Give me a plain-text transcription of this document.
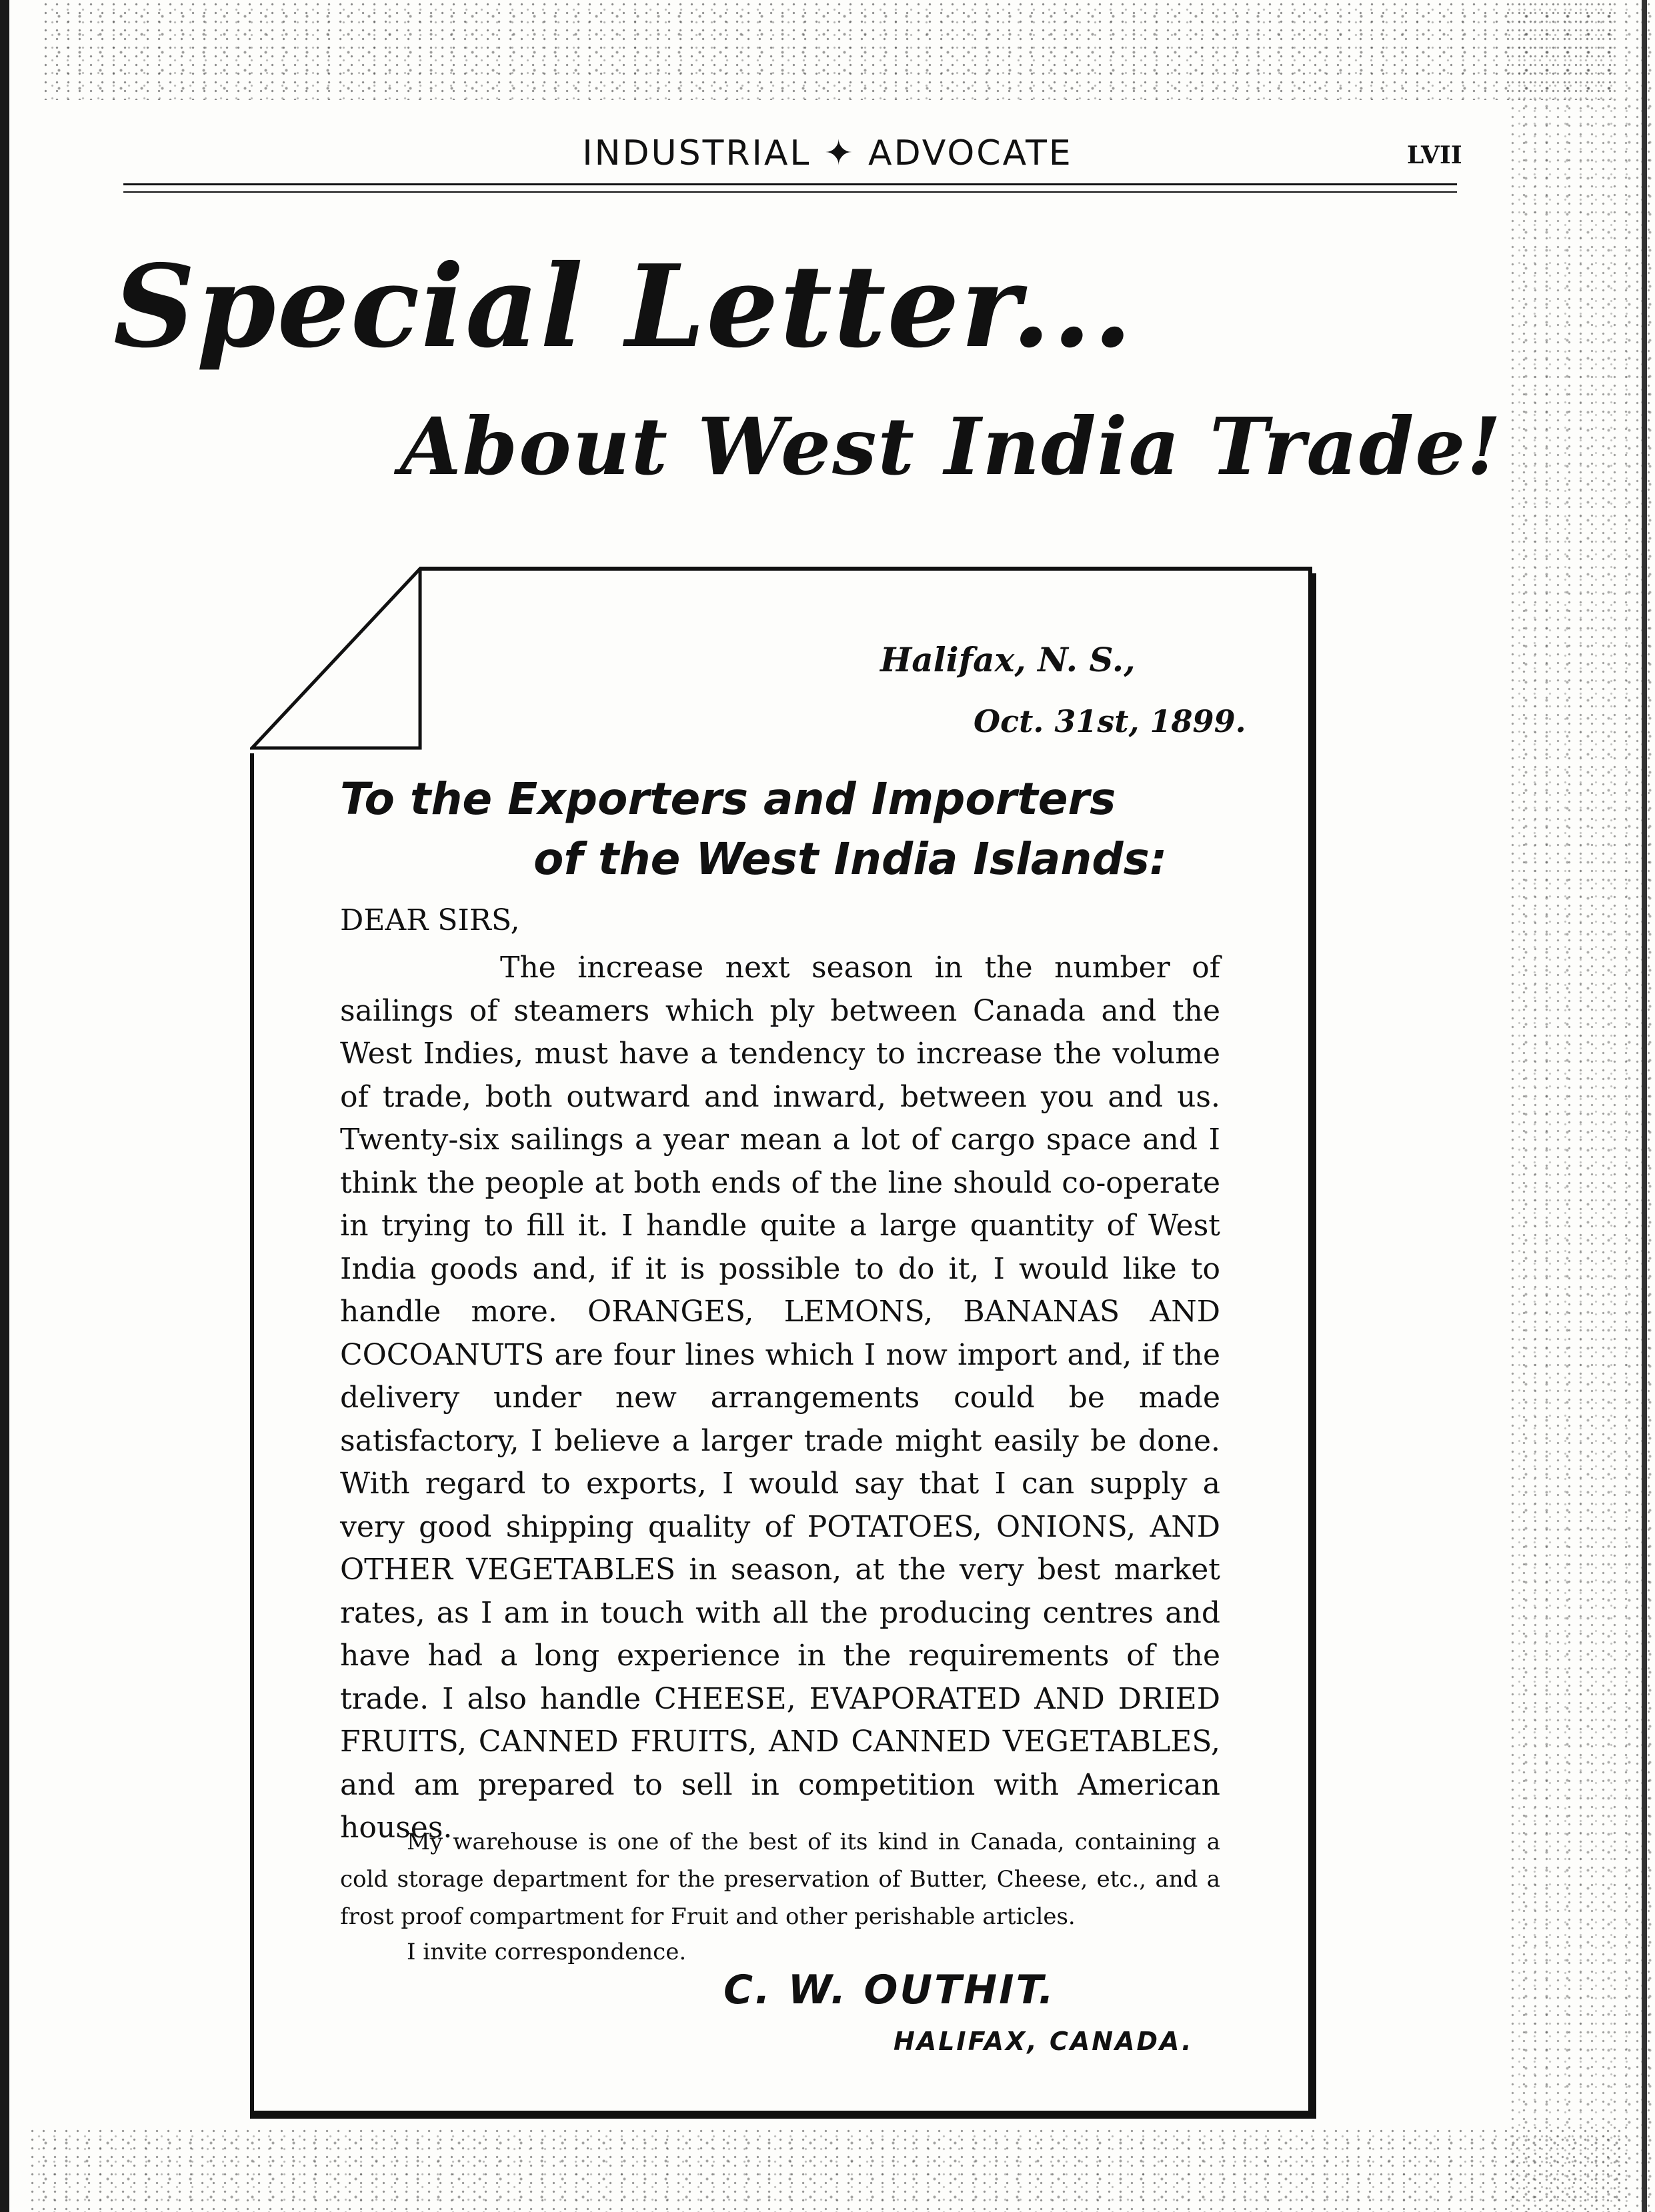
INDUSTRIAL ✦ ADVOCATE	LVII
Special Letter...
About West India Trade!
Halifax, N. S.,
Oct. 31st, 1899.
To the Exporters and Importers
of the West India Islands:
DEAR SIRS,
The increase next season in the number of sailings of steamers which ply between Canada and the West Indies, must have a tendency to increase the volume of trade, both outward and inward, between you and us. Twenty-six sailings a year mean a lot of cargo space and I think the people at both ends of the line should co-operate in trying to fill it. I handle quite a large quantity of West India goods and, if it is possible to do it, I would like to handle more. ORANGES, LEMONS, BANANAS AND COCOANUTS are four lines which I now import and, if the delivery under new arrangements could be made satisfactory, I believe a larger trade might easily be done. With regard to exports, I would say that I can supply a very good shipping quality of POTATOES, ONIONS, AND OTHER VEGETABLES in season, at the very best market rates, as I am in touch with all the producing centres and have had a long experience in the requirements of the trade. I also handle CHEESE, EVAPORATED AND DRIED FRUITS, CANNED FRUITS, AND CANNED VEGETABLES, and am prepared to sell in competition with American houses.
My warehouse is one of the best of its kind in Canada, containing a cold storage department for the preservation of Butter, Cheese, etc., and a frost proof compartment for Fruit and other perishable articles.
I invite correspondence.
C. W. OUTHIT.
HALIFAX, CANADA.
